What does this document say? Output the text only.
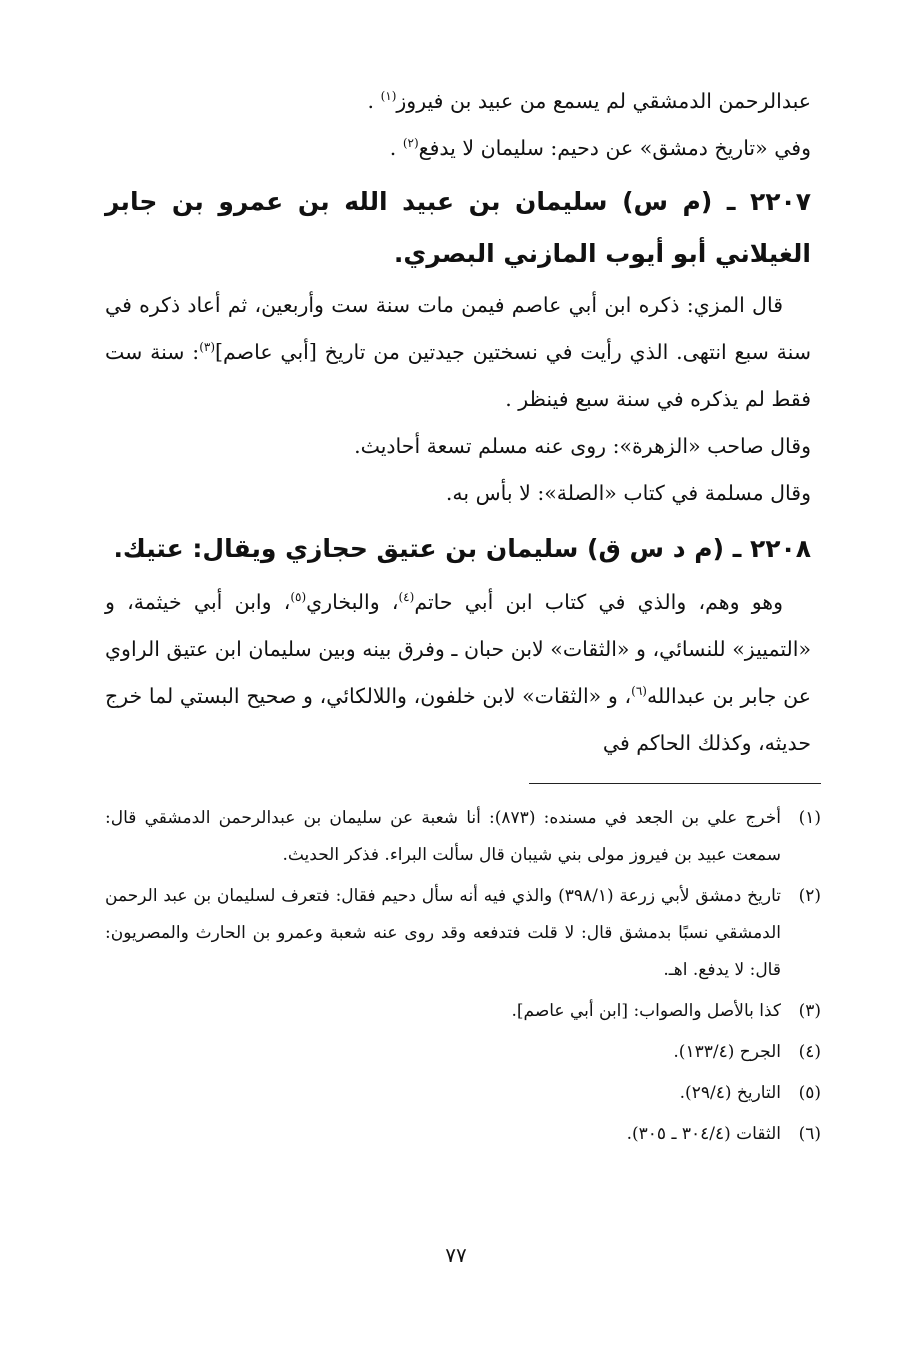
عبدالرحمن الدمشقي لم يسمع من عبيد بن فيروز$^{(١)}$ .

وفي «تاريخ دمشق» عن دحيم: سليمان لا يدفع$^{(٢)}$ .

٢٢٠٧ ـ (م س) سليمان بن عبيد الله بن عمرو بن جابر الغيلاني أبو أيوب المازني البصري.

قال المزي: ذكره ابن أبي عاصم فيمن مات سنة ست وأربعين، ثم أعاد ذكره في سنة سبع انتهى. الذي رأيت في نسختين جيدتين من تاريخ [أبي عاصم]$^{(٣)}$: سنة ست فقط لم يذكره في سنة سبع فينظر .

وقال صاحب «الزهرة»: روى عنه مسلم تسعة أحاديث.

وقال مسلمة في كتاب «الصلة»: لا بأس به.

٢٢٠٨ ـ (م د س ق) سليمان بن عتيق حجازي ويقال: عتيك.

وهو وهم، والذي في كتاب ابن أبي حاتم$^{(٤)}$، والبخاري$^{(٥)}$، وابن أبي خيثمة، و «التمييز» للنسائي، و «الثقات» لابن حبان ـ وفرق بينه وبين سليمان ابن عتيق الراوي عن جابر بن عبدالله$^{(٦)}$، و «الثقات» لابن خلفون، واللالكائي، و صحيح البستي لما خرج حديثه، وكذلك الحاكم في

(١)
أخرج علي بن الجعد في مسنده: (٨٧٣): أنا شعبة عن سليمان بن عبدالرحمن الدمشقي قال: سمعت عبيد بن فيروز مولى بني شيبان قال سألت البراء. فذكر الحديث.
(٢)
تاريخ دمشق لأبي زرعة (٣٩٨/١) والذي فيه أنه سأل دحيم فقال: فتعرف لسليمان بن عبد الرحمن الدمشقي نسبًا بدمشق قال: لا قلت فتدفعه وقد روى عنه شعبة وعمرو بن الحارث والمصريون: قال: لا يدفع. اهـ.
(٣)
كذا بالأصل والصواب: [ابن أبي عاصم].
(٤)
الجرح (١٣٣/٤).
(٥)
التاريخ (٢٩/٤).
(٦)
الثقات (٣٠٤/٤ ـ ٣٠٥).
٧٧
